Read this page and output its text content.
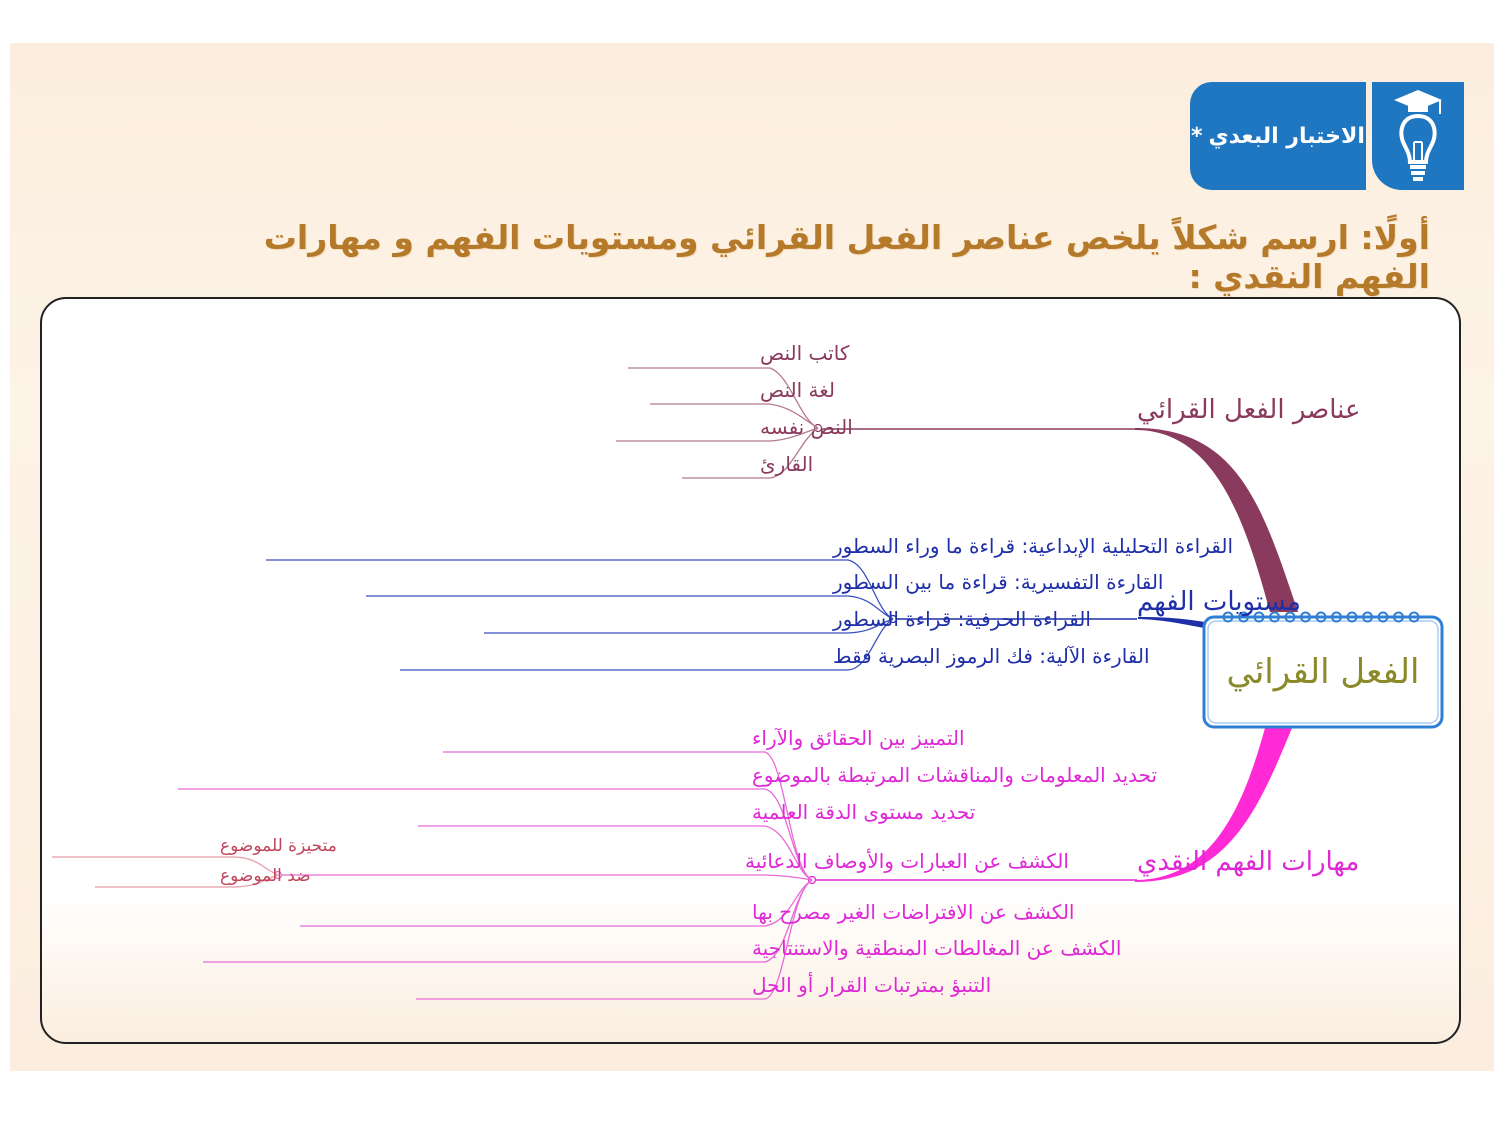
* الاختبار البعدي
أولًا: ارسم شكلاً يلخص عناصر الفعل القرائي ومستويات الفهم و مهارات الفهم النقدي :
الفعل القرائي
عناصر الفعل القرائي
كاتب النص
لغة النص
النص نفسه
القارئ
مستويات الفهم
القراءة التحليلية الإبداعية: قراءة ما وراء السطور
القارءة التفسيرية: قراءة ما بين السطور
القراءة الحرفية: قراءة السطور
القارءة الآلية: فك الرموز البصرية فقط
مهارات الفهم النقدي
التمييز بين الحقائق والآراء
تحديد المعلومات والمناقشات المرتبطة بالموضوع
تحديد مستوى الدقة العلمية
الكشف عن العبارات والأوصاف الدعائية
الكشف عن الافتراضات الغير مصرح بها
الكشف عن المغالطات المنطقية والاستنتاجية
التنبؤ بمترتبات القرار أو الحل
متحيزة للموضوع
ضد الموضوع
